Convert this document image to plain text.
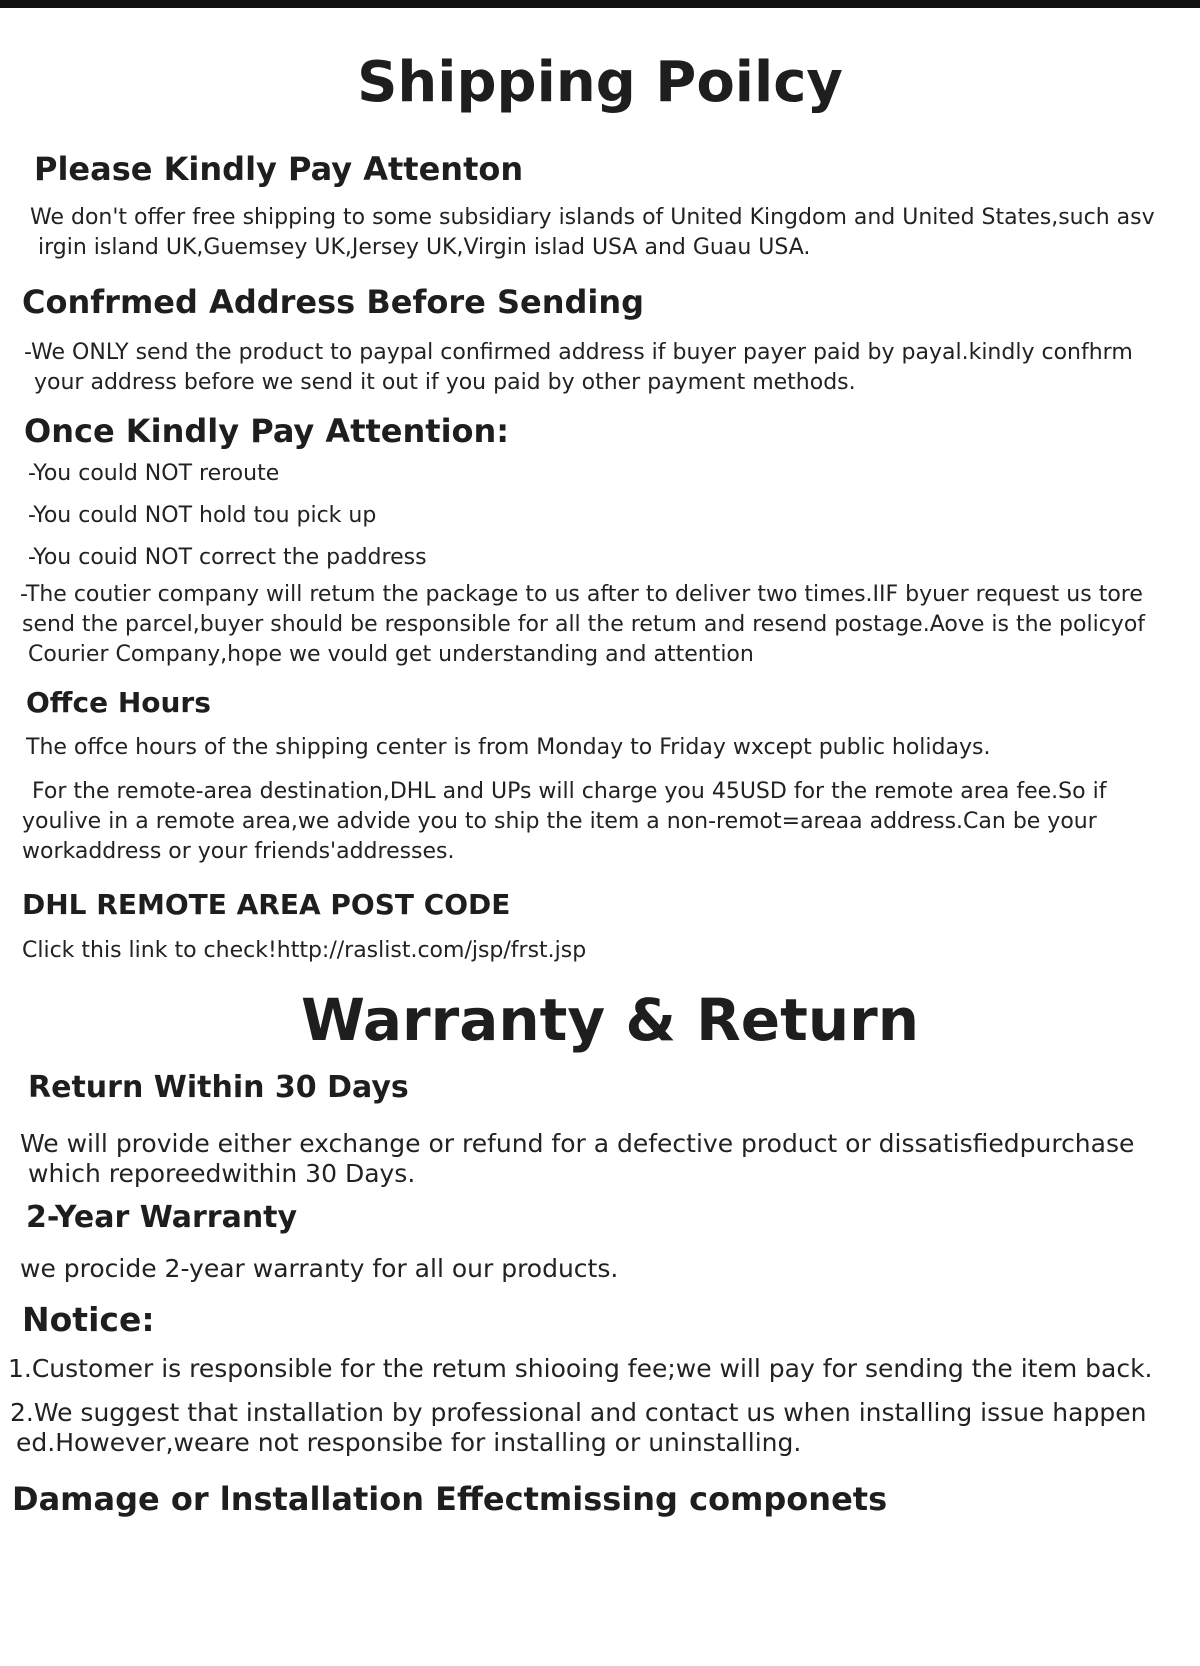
Shipping Poilcy
Please Kindly Pay Attenton

We don't offer free shipping to some subsidiary islands of United Kingdom and United States,such asv

irgin island UK,Guemsey UK,Jersey UK,Virgin islad USA and Guau USA.

Confrmed Address Before Sending

-We ONLY send the product to paypal confirmed address if buyer payer paid by payal.kindly confhrm

your address before we send it out if you paid by other payment methods.

Once Kindly Pay Attention:

-You could NOT reroute

-You could NOT hold tou pick up

-You couid NOT correct the paddress

-The coutier company will retum the package to us after to deliver two times.IIF byuer request us tore

send the parcel,buyer should be responsible for all the retum and resend postage.Aove is the policyof

Courier Company,hope we vould get understanding and attention

Offce Hours

The offce hours of the shipping center is from Monday to Friday wxcept public holidays.

For the remote-area destination,DHL and UPs will charge you 45USD for the remote area fee.So if

youlive in a remote area,we advide you to ship the item a non-remot=areaa address.Can be your

workaddress or your friends'addresses.

DHL REMOTE AREA POST CODE

Click this link to check!http://raslist.com/jsp/frst.jsp

Warranty & Return
Return Within 30 Days

We will provide either exchange or refund for a defective product or dissatisfiedpurchase

which reporeedwithin 30 Days.

2-Year Warranty

we procide 2-year warranty for all our products.

Notice:

1.Customer is responsible for the retum shiooing fee;we will pay for sending the item back.

2.We suggest that installation by professional and contact us when installing issue happen

ed.However,weare not responsibe for installing or uninstalling.

Damage or lnstallation Effectmissing componets
